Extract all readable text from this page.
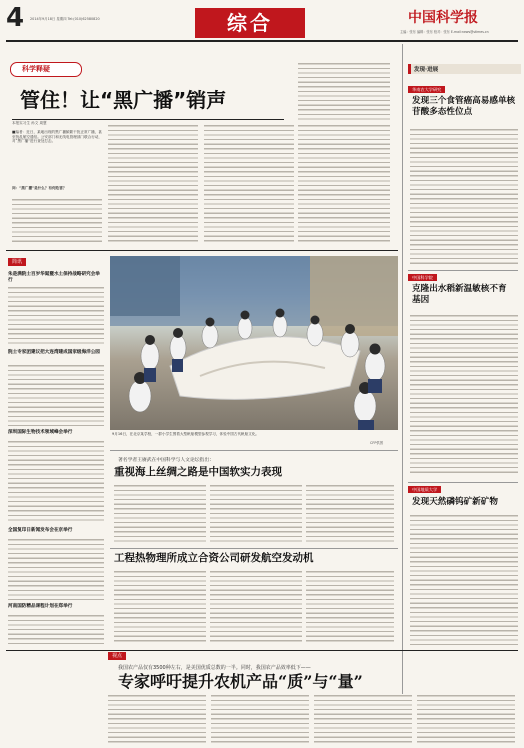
4 2014年9月18日 星期四 Tel:(010)62580820	综合	中国科学报
主编：张东 编辑：张东 校对：张东 E-mail:news@stimes.cn
科学释疑
管住！让“黑广播”销声
本报实习生 孙文 周慧
■编者：近日，某地出现的黑广播频繁干扰正常广播，甚至扰乱航空通信。公安部门和无线电管理部门联合行动，对“黑广播”进行查处打击。
问：“黑广播”是什么？有何危害？
简讯
朱是满院士百岁华诞暨水土保持战略研究会举行
院士专家团建议把大连湾建成国家级海洋公园
深圳国际生物技术领域峰会举行
全国复印日新闻发布会在京举行
河南国防精品课程计划在郑举行
9月16日，在北京某学校，一群小学生围着大型帆船模型参观学习，体验中国古代帆船文化。
CFP供图
著名学者王赓武在中国科学与人文论坛指出：
重视海上丝绸之路是中国软实力表现
工程热物理所成立合资公司研发航空发动机
视点
我国农产品仅有3500种左右，是美国优质总数的一半。同时，我国农产品效率低下——
专家呼吁提升农机产品“质”与“量”
发现·进展
华南农大学研究
发现三个食管癌高易感单核苷酸多态性位点
中国科学院
克隆出水稻新温敏核不育基因
中国地质大学
发现天然磷钨矿新矿物
